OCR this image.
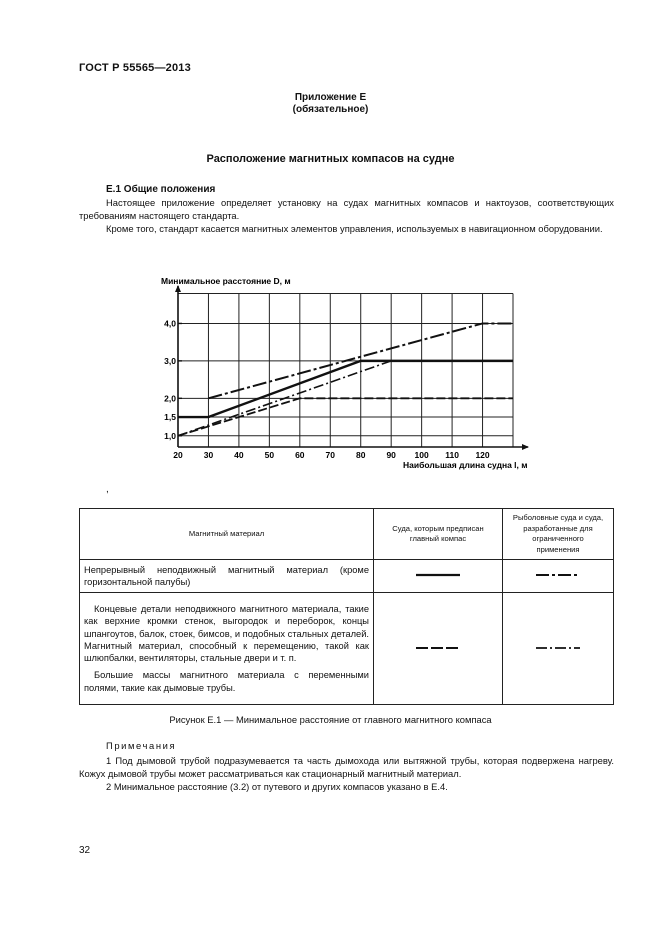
ГОСТ Р 55565—2013
Приложение Е
(обязательное)
Расположение магнитных компасов на судне
Е.1 Общие положения
Настоящее приложение определяет установку на судах магнитных компасов и нактоузов, соответствующих требованиям настоящего стандарта.
Кроме того, стандарт касается магнитных элементов управления, используемых в навигационном оборудовании.
20 30 40 50 60 70 80 90 100 110 120
1,0
1,5
2,0
3,0
4,0
Минимальное расстояние D, м
Наибольшая длина судна l, м
,
Магнитный материал	Суда, которым предписан главный компас	Рыболовные суда и суда, разработанные для ограниченного применения
Непрерывный неподвижный магнитный материал (кроме горизонтальной палубы)		

Концевые детали неподвижного магнитного материала, такие как верхние кромки стенок, выгородок и переборок, концы шпангоутов, балок, стоек, бимсов, и подобных стальных деталей. Магнитный материал, способный к перемещению, такой как шлюпбалки, вентиляторы, стальные двери и т. п.
Большие массы магнитного материала с переменными полями, такие как дымовые трубы.

Рисунок Е.1 — Минимальное расстояние от главного магнитного компаса
Примечания
1 Под дымовой трубой подразумевается та часть дымохода или вытяжной трубы, которая подвержена нагреву. Кожух дымовой трубы может рассматриваться как стационарный магнитный материал.
2 Минимальное расстояние (3.2) от путевого и других компасов указано в Е.4.
32
